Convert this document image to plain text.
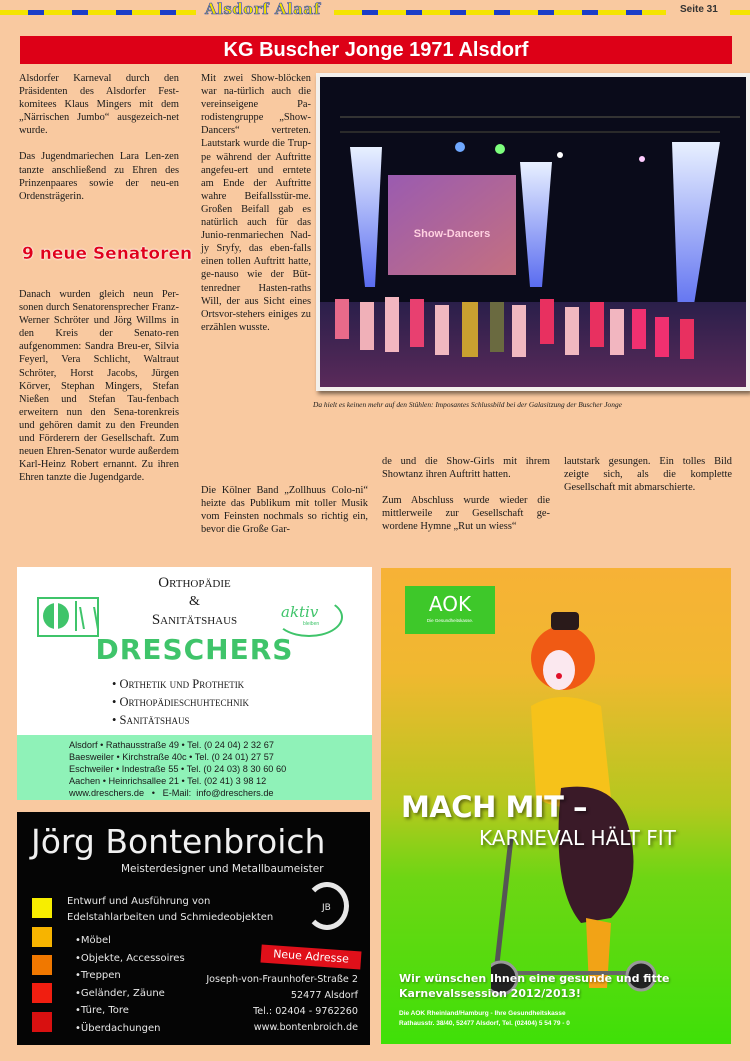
Alsdorf Alaaf	Seite 31
KG Buscher Jonge 1971 Alsdorf

Alsdorfer Karneval durch den Präsidenten des Alsdorfer Fest-komitees Klaus Mingers mit dem „Närrischen Jumbo“ ausgezeich-net wurde.

Das Jugendmariechen Lara Len-zen tanzte anschließend zu Ehren des Prinzenpaares sowie der neu-en Ordensträgerin.

9 neue Senatoren

Danach wurden gleich neun Per-sonen durch Senatorensprecher Franz-Werner Schröter und Jörg Willms in den Kreis der Senato-ren aufgenommen: Sandra Breu-er, Silvia Feyerl, Vera Schlicht, Waltraut Schröter, Horst Jacobs, Jürgen Körver, Stephan Mingers, Stefan Nießen und Stefan Tau-fenbach erweitern nun den Sena-torenkreis und gehören damit zu den Freunden und Förderern der Gesellschaft. Zum neuen Ehren-Senator wurde außerdem Karl-Heinz Robert ernannt. Zu ihren Ehren tanzte die Jugendgarde.

Mit zwei Show-blöcken war na-türlich auch die vereinseigene Pa-rodistengruppe „Show-Dancers“ vertreten. Lautstark wurde die Trup-pe während der Auftritte angefeu-ert und erntete am Ende der Auftritte wahre Beifallsstür-me. Großen Beifall gab es natürlich auch für das Junio-renmariechen Nad-jy Sryfy, das eben-falls einen tollen Auftritt hatte, ge-nauso wie der Büt-tenredner Hasten-raths Will, der aus Sicht eines Ortsvor-stehers einiges zu erzählen wusste.

Die Kölner Band „Zollhuus Colo-ni“ heizte das Publikum mit toller Musik vom Feinsten nochmals so richtig ein, bevor die Große Gar-

Show-Dancers
Da hielt es keinen mehr auf den Stühlen: Imposantes Schlussbild bei der Galasitzung der Buscher Jonge

de und die Show-Girls mit ihrem Showtanz ihren Auftritt hatten.

Zum Abschluss wurde wieder die mittlerweile zur Gesellschaft ge-wordene Hymne „Rut un wiess“

lautstark gesungen. Ein tolles Bild zeigte sich, als die komplette Gesellschaft mit abmarschierte.

Orthopädie
&
Sanitätshaus	aktiv
bleiben
DRESCHERS
• Orthetik und Prothetik
• Orthopädieschuhtechnik
• Sanitätshaus
Alsdorf • Rathausstraße 49 • Tel. (0 24 04) 2 32 67
Baesweiler • Kirchstraße 40c • Tel. (0 24 01) 27 57
Eschweiler • Indestraße 55 • Tel. (0 24 03) 8 30 60 60
Aachen • Heinrichsallee 21 • Tel. (02 41) 3 98 12
www.dreschers.de   •   E-Mail:  info@dreschers.de
Jörg Bontenbroich
Meisterdesigner und Metallbaumeister
JB
Entwurf und Ausführung von
Edelstahlarbeiten und Schmiedeobjekten
•Möbel
•Objekte, Accessoires
•Treppen
•Geländer, Zäune
•Türe, Tore
•Überdachungen
Neue Adresse
Joseph-von-Fraunhofer-Straße 2
52477 Alsdorf
Tel.: 02404 - 9762260
www.bontenbroich.de
AOK
Die Gesundheitskasse.
MACH MIT –
KARNEVAL HÄLT FIT
Wir wünschen Ihnen eine gesunde und fitte
Karnevalssession 2012/2013!
Die AOK Rheinland/Hamburg - Ihre Gesundheitskasse
Rathausstr. 38/40, 52477 Alsdorf, Tel. (02404) 5 54 79 - 0
